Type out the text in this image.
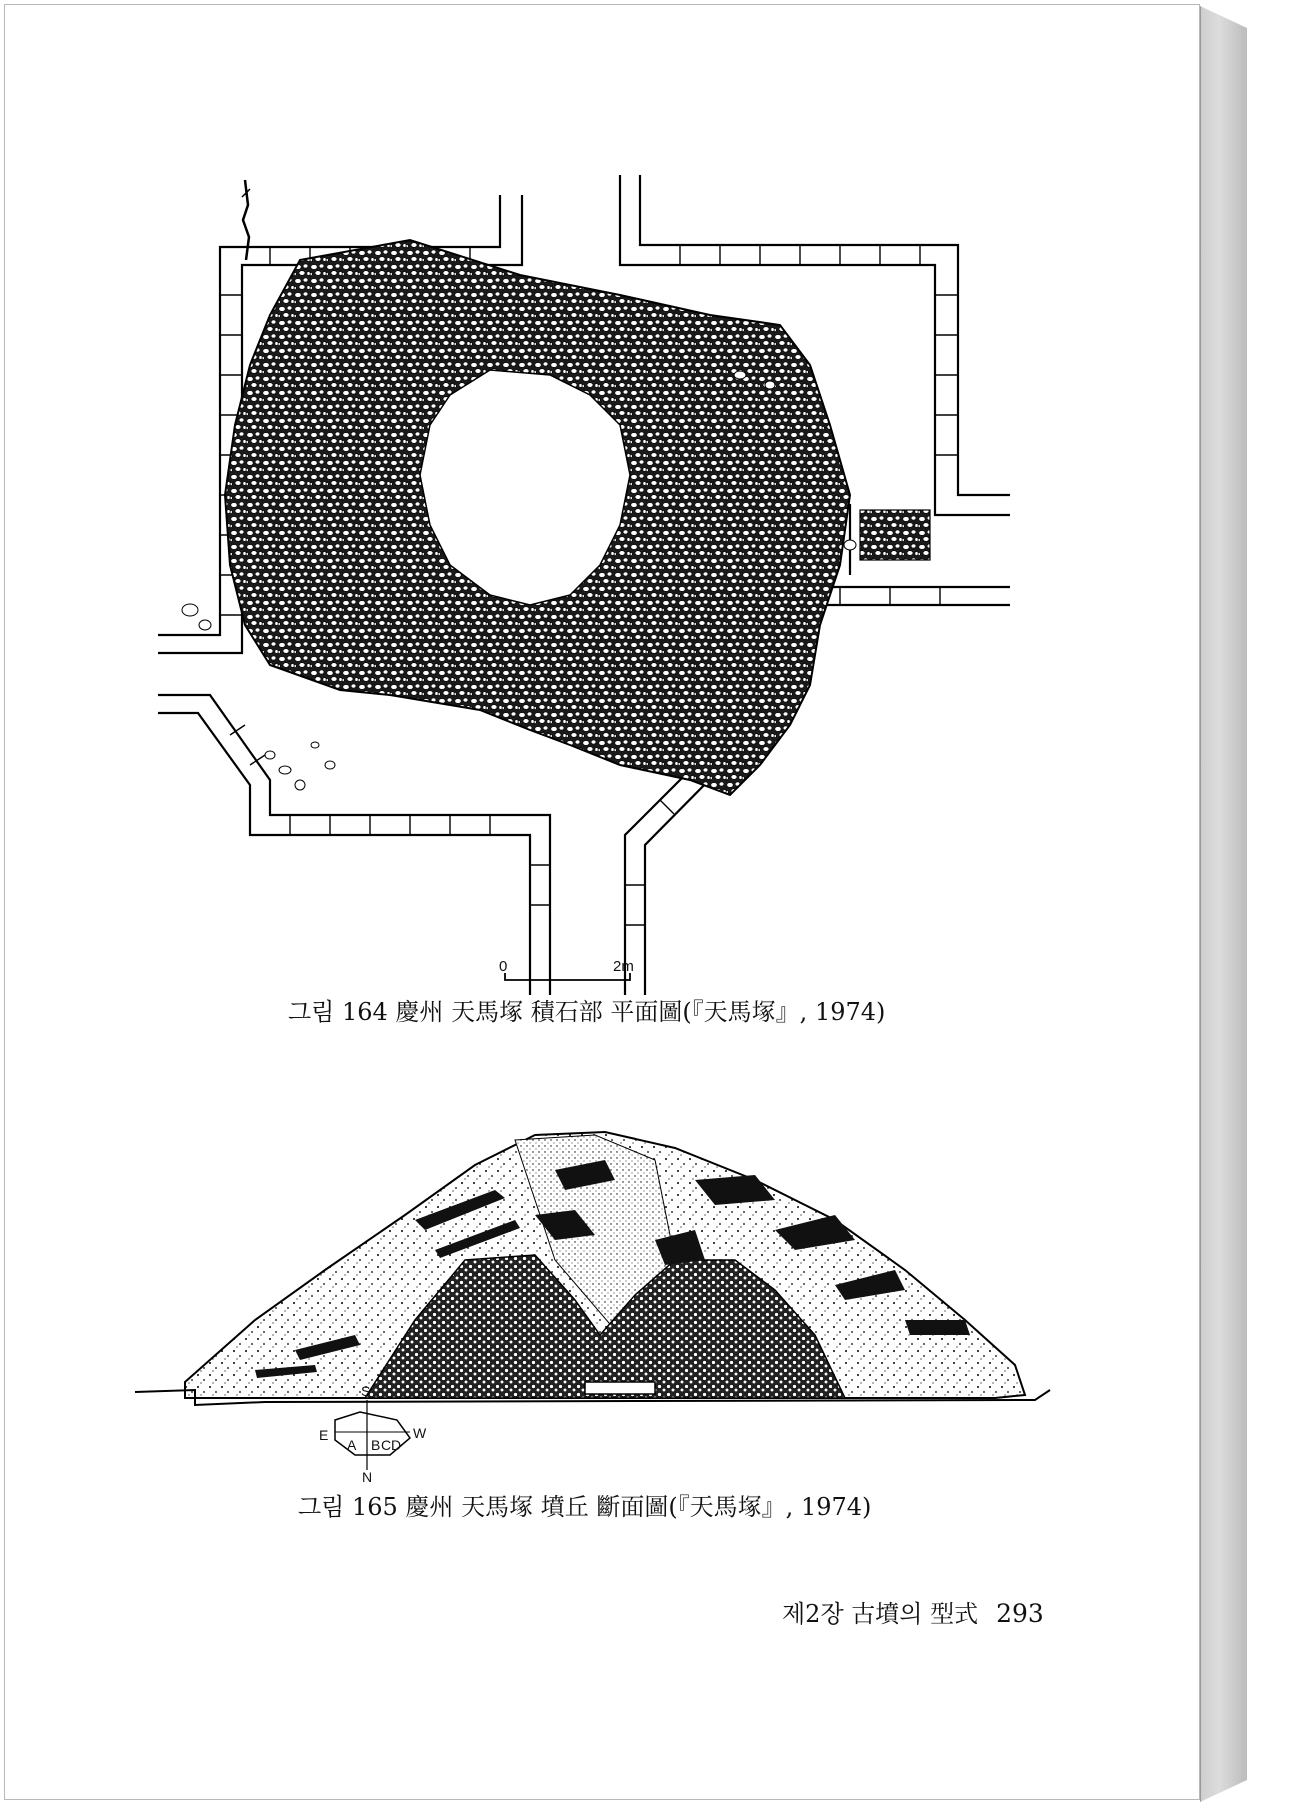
0	2m
그림 164 慶州 天馬塚 積石部 平面圖(『天馬塚』, 1974)
S
N
E	W
A B C D
그림 165 慶州 天馬塚 墳丘 斷面圖(『天馬塚』, 1974)
제2장 古墳의 型式 293
